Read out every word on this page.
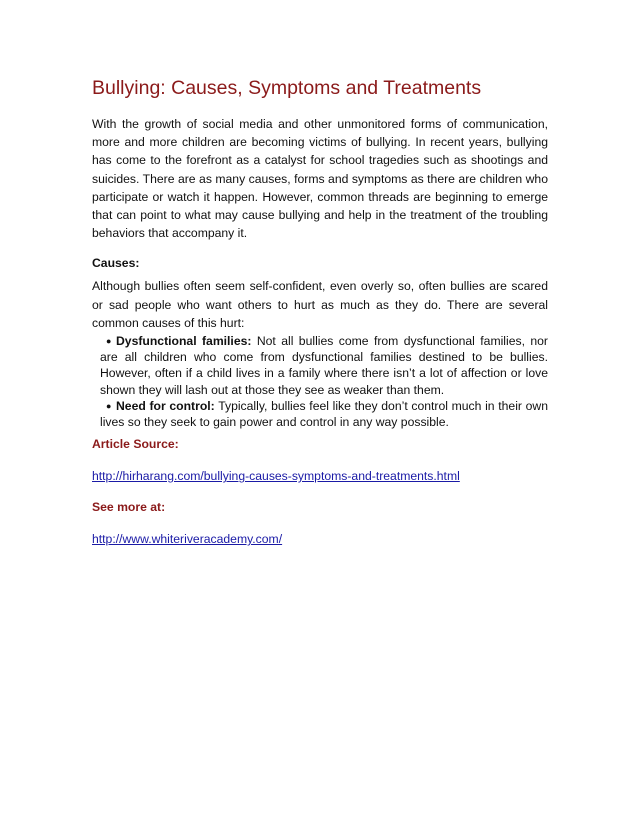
Bullying: Causes, Symptoms and Treatments

With the growth of social media and other unmonitored forms of communication, more and more children are becoming victims of bullying. In recent years, bullying has come to the forefront as a catalyst for school tragedies such as shootings and suicides. There are as many causes, forms and symptoms as there are children who participate or watch it happen. However, common threads are beginning to emerge that can point to what may cause bullying and help in the treatment of the troubling behaviors that accompany it.

Causes:

Although bullies often seem self-confident, even overly so, often bullies are scared or sad people who want others to hurt as much as they do. There are several common causes of this hurt:

● Dysfunctional families: Not all bullies come from dysfunctional families, nor are all children who come from dysfunctional families destined to be bullies. However, often if a child lives in a family where there isn’t a lot of affection or love shown they will lash out at those they see as weaker than them.
● Need for control: Typically, bullies feel like they don’t control much in their own lives so they seek to gain power and control in any way possible.
Article Source:
http://hirharang.com/bullying-causes-symptoms-and-treatments.html
See more at:
http://www.whiteriveracademy.com/
